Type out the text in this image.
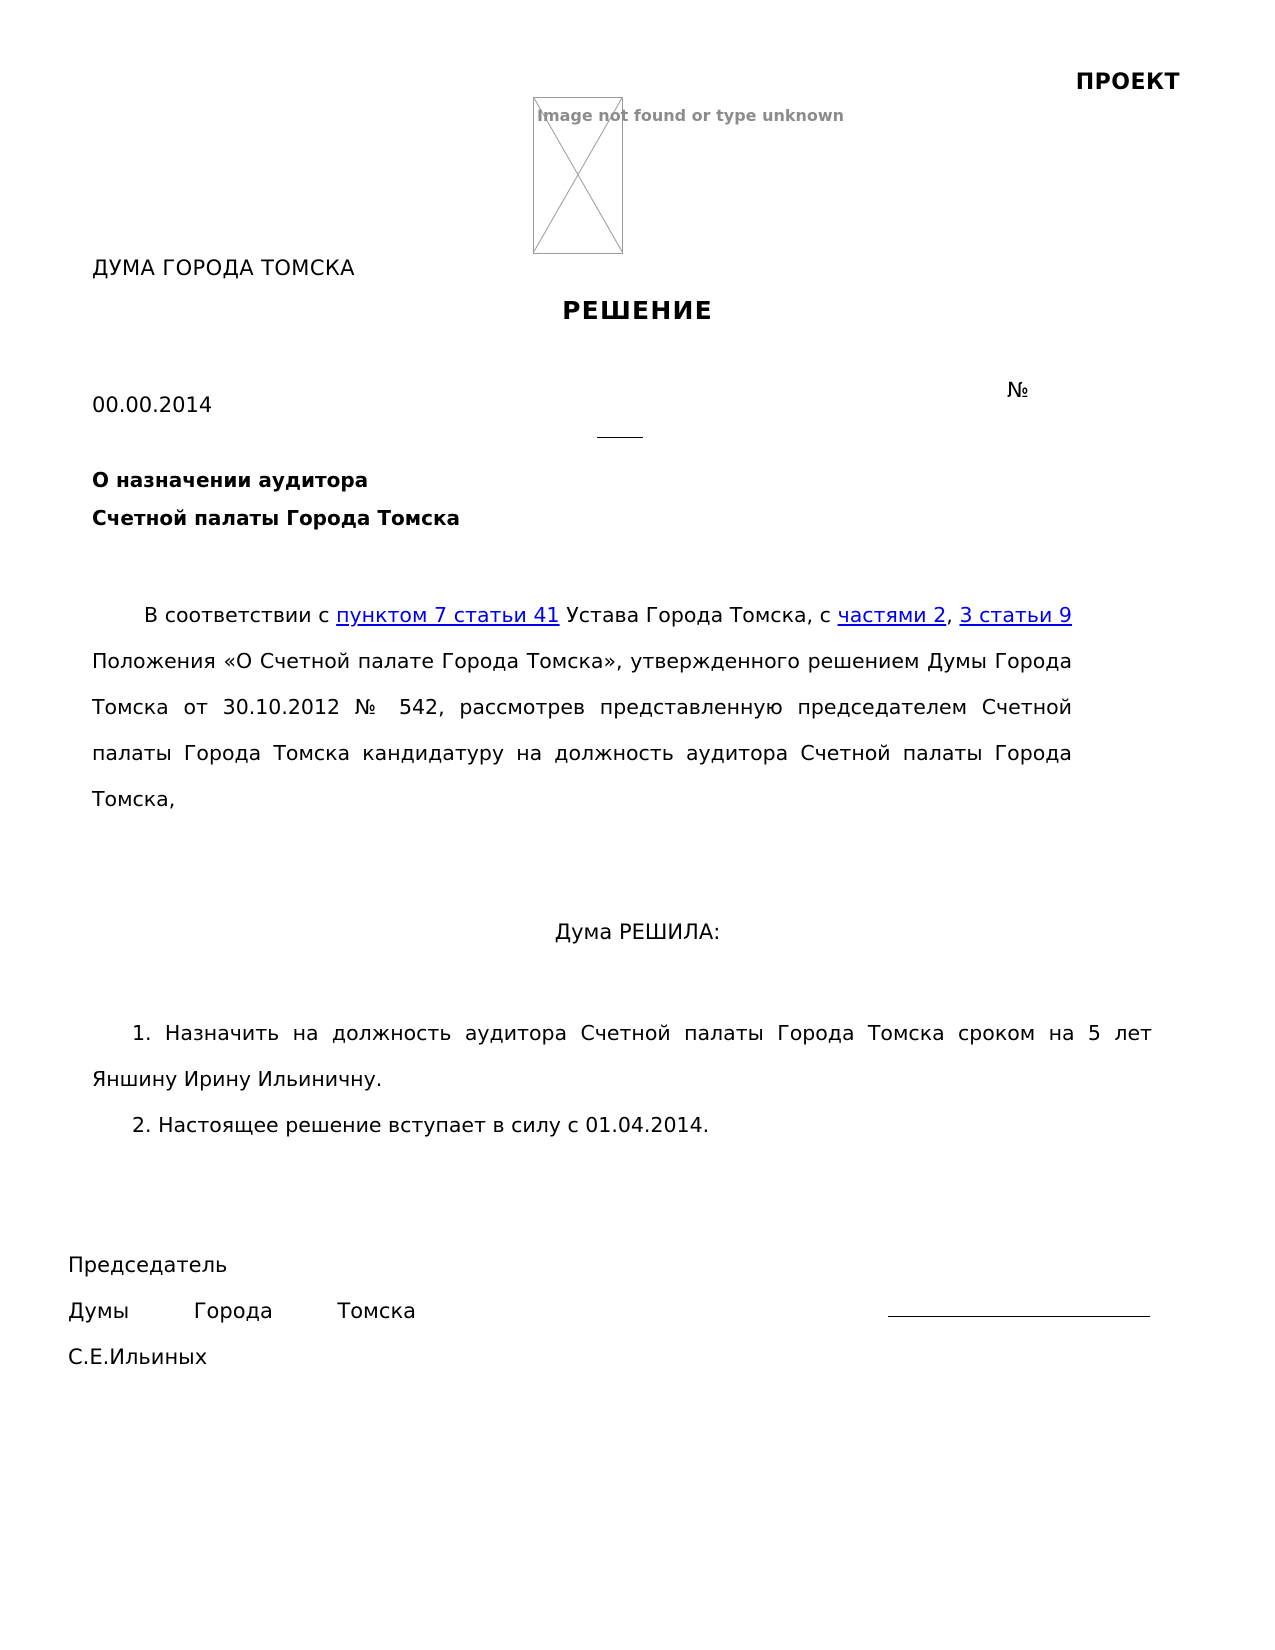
ПРОЕКТ
Image not found or type unknown
ДУМА ГОРОДА ТОМСКА
РЕШЕНИЕ
00.00.2014
№
О назначении аудитора
Счетной палаты Города Томска
В соответствии с пунктом 7 статьи 41 Устава Города Томска, с частями 2, 3 статьи 9 Положения «О Счетной палате Города Томска», утвержденного решением Думы Города Томска от 30.10.2012 № 542, рассмотрев представленную председателем Счетной палаты Города Томска кандидатуру на должность аудитора Счетной палаты Города Томска,
Дума РЕШИЛА:

1. Назначить на должность аудитора Счетной палаты Города Томска сроком на 5 лет Яншину Ирину Ильиничну.

2. Настоящее решение вступает в силу с 01.04.2014.

Председатель
Думы	Города	Томска
С.Е.Ильиных
